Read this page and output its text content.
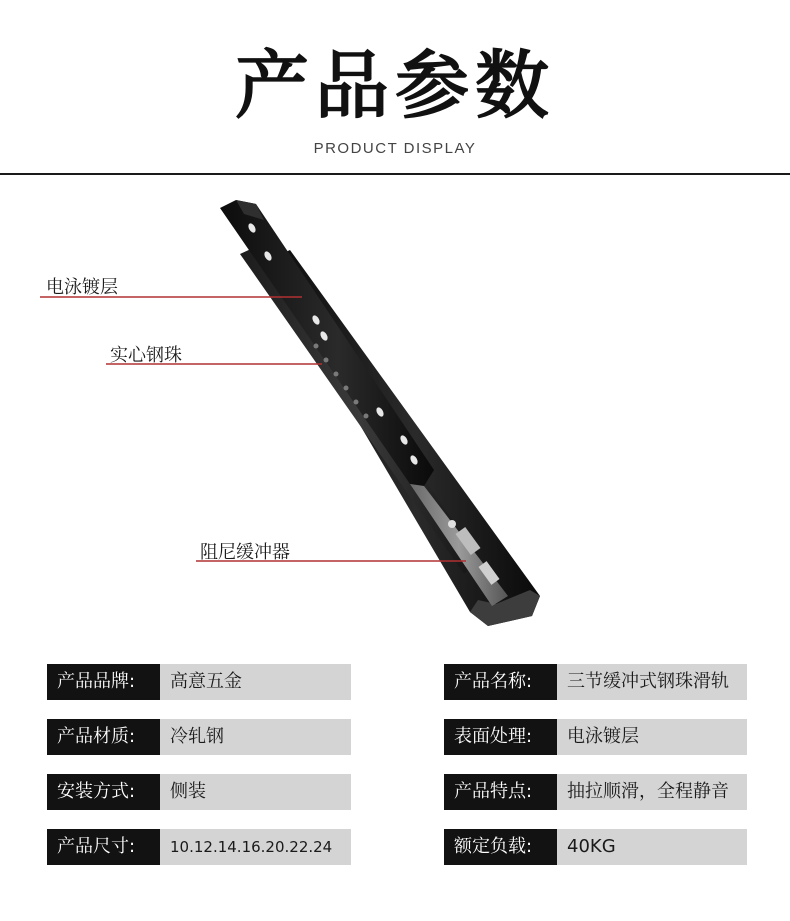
产品参数
PRODUCT DISPLAY
电泳镀层
实心钢珠
阻尼缓冲器
产品品牌:	高意五金
产品材质:	冷轧钢
安装方式:	侧装
产品尺寸:	10.12.14.16.20.22.24
产品名称:	三节缓冲式钢珠滑轨
表面处理:	电泳镀层
产品特点:	抽拉顺滑，全程静音
额定负载:	40KG
